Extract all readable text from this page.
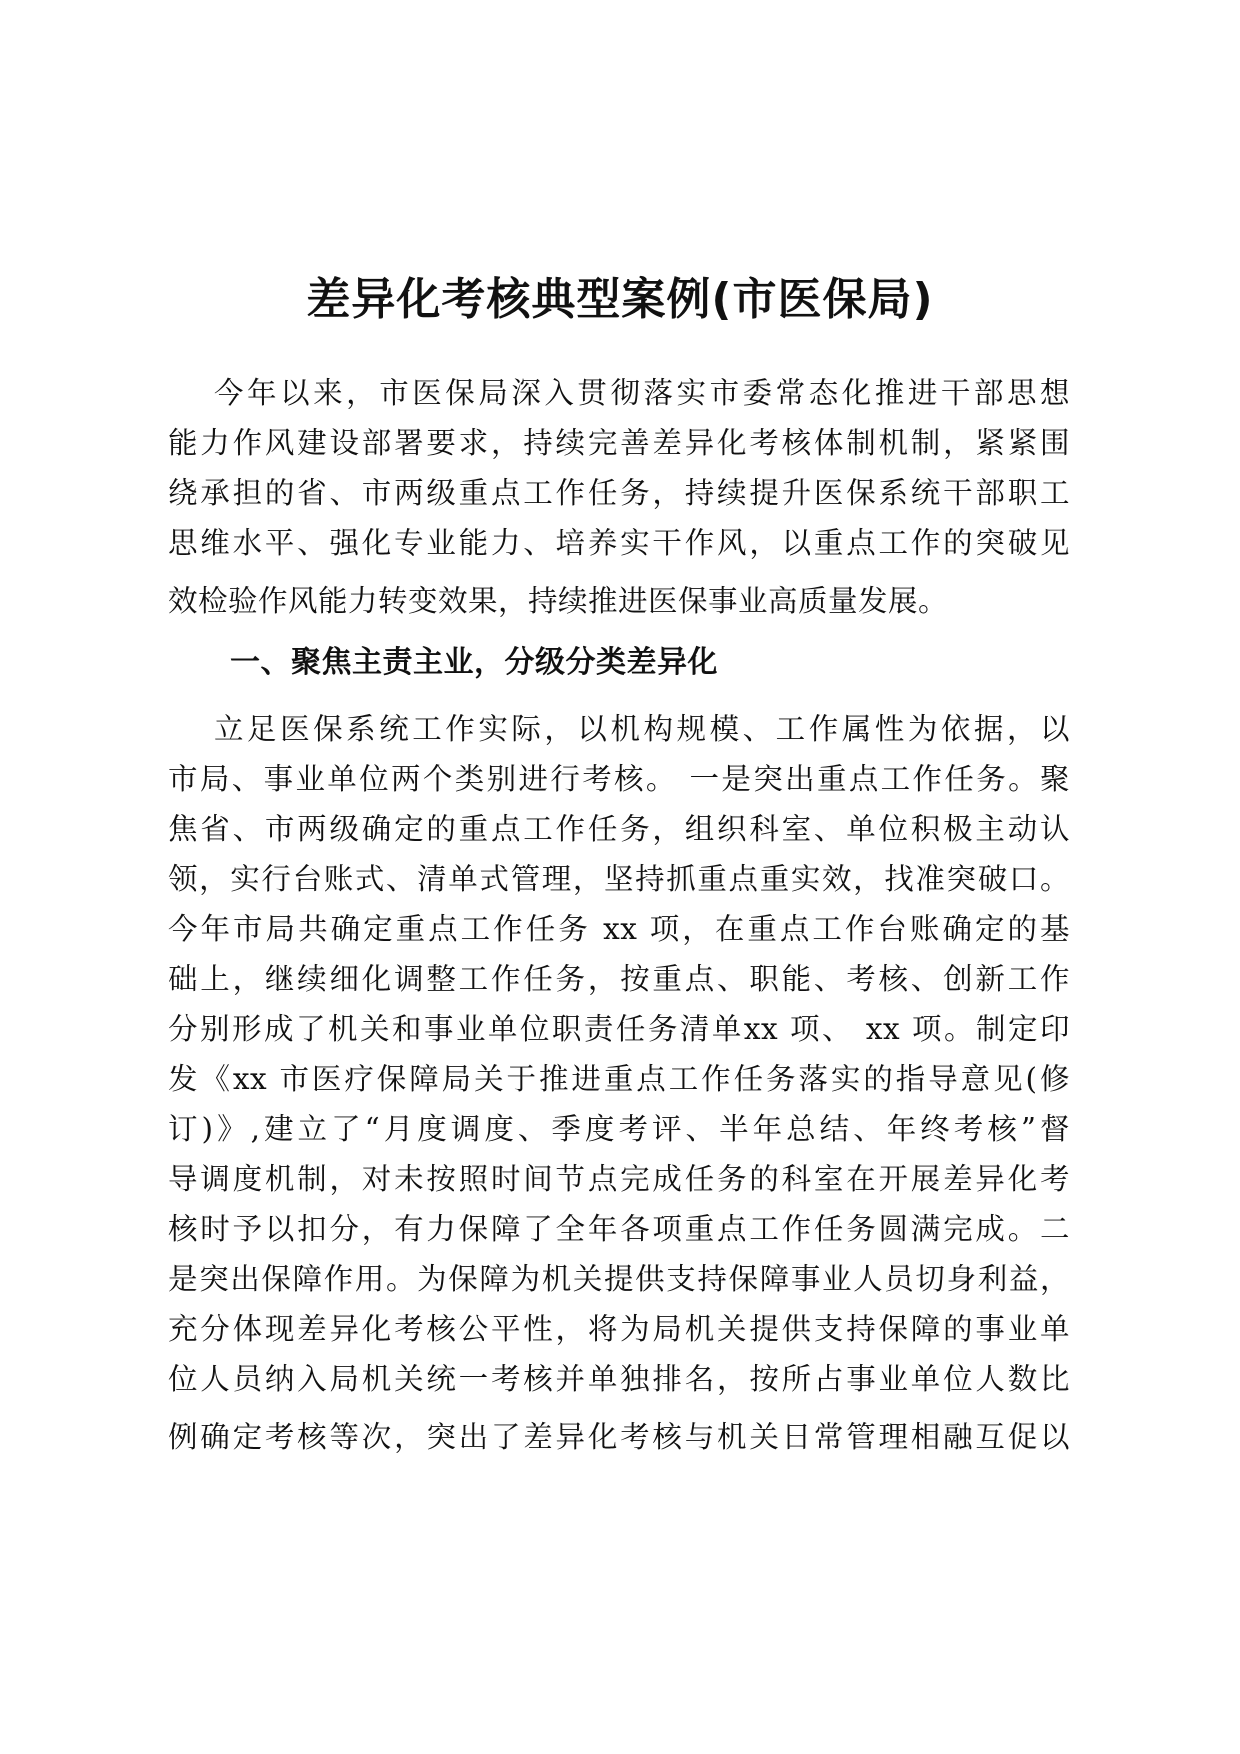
差异化考核典型案例(市医保局)
今年以来，市医保局深入贯彻落实市委常态化推进干部思想
能力作风建设部署要求，持续完善差异化考核体制机制，紧紧围
绕承担的省、市两级重点工作任务，持续提升医保系统干部职工
思维水平、强化专业能力、培养实干作风，以重点工作的突破见
效检验作风能力转变效果，持续推进医保事业高质量发展。
一、聚焦主责主业，分级分类差异化
立足医保系统工作实际，以机构规模、工作属性为依据，以
市局、事业单位两个类别进行考核。 一是突出重点工作任务。聚
焦省、市两级确定的重点工作任务，组织科室、单位积极主动认
领，实行台账式、清单式管理，坚持抓重点重实效，找准突破口。
今年市局共确定重点工作任务 xx 项，在重点工作台账确定的基
础上，继续细化调整工作任务，按重点、职能、考核、创新工作
分别形成了机关和事业单位职责任务清单xx 项、 xx 项。制定印
发《xx 市医疗保障局关于推进重点工作任务落实的指导意见(修
订)》,建立了“月度调度、季度考评、半年总结、年终考核”督
导调度机制，对未按照时间节点完成任务的科室在开展差异化考
核时予以扣分，有力保障了全年各项重点工作任务圆满完成。二
是突出保障作用。为保障为机关提供支持保障事业人员切身利益，
充分体现差异化考核公平性，将为局机关提供支持保障的事业单
位人员纳入局机关统一考核并单独排名，按所占事业单位人数比
例确定考核等次，突出了差异化考核与机关日常管理相融互促以
